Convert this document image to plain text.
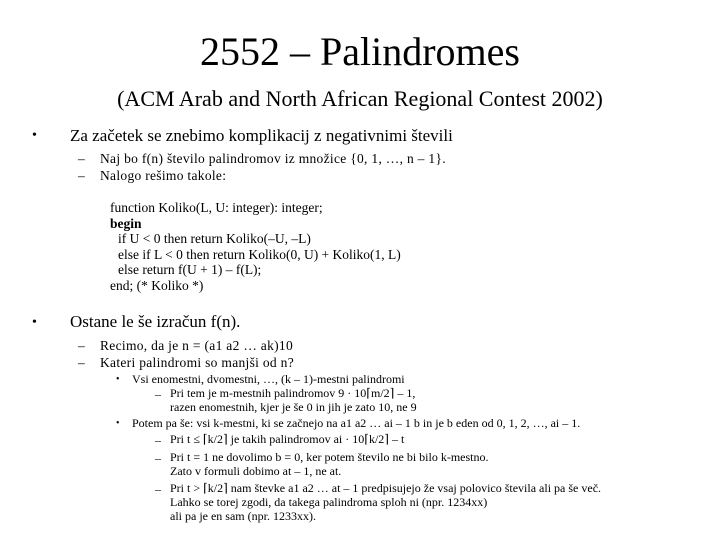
2552 – Palindromes
(ACM Arab and North African Regional Contest 2002)
• Za začetek se znebimo komplikacij z negativnimi števili
– Naj bo f(n) število palindromov iz množice {0, 1, …, n – 1}.
– Nalogo rešimo takole:
function Koliko(L, U: integer): integer;
begin
if U < 0 then return Koliko(–U, –L)
else if L < 0 then return Koliko(0, U) + Koliko(1, L)
else return f(U + 1) – f(L);
end; (* Koliko *)
• Ostane le še izračun f(n).
– Recimo, da je n = (a1 a2 … ak)10
– Kateri palindromi so manjši od n?
• Vsi enomestni, dvomestni, …, (k – 1)-mestni palindromi
– Pri tem je m-mestnih palindromov 9 · 10⌈m/2⌉ – 1,
razen enomestnih, kjer je še 0 in jih je zato 10, ne 9
• Potem pa še: vsi k-mestni, ki se začnejo na a1 a2 … ai – 1 b in je b eden od 0, 1, 2, …, ai – 1.
– Pri t ≤ ⌈k/2⌉ je takih palindromov ai · 10⌈k/2⌉ – t
– Pri t = 1 ne dovolimo b = 0, ker potem število ne bi bilo k-mestno.
Zato v formuli dobimo at – 1, ne at.
– Pri t > ⌈k/2⌉ nam števke a1 a2 … at – 1 predpisujejo že vsaj polovico števila ali pa še več.
Lahko se torej zgodi, da takega palindroma sploh ni (npr. 1234xx)
ali pa je en sam (npr. 1233xx).
